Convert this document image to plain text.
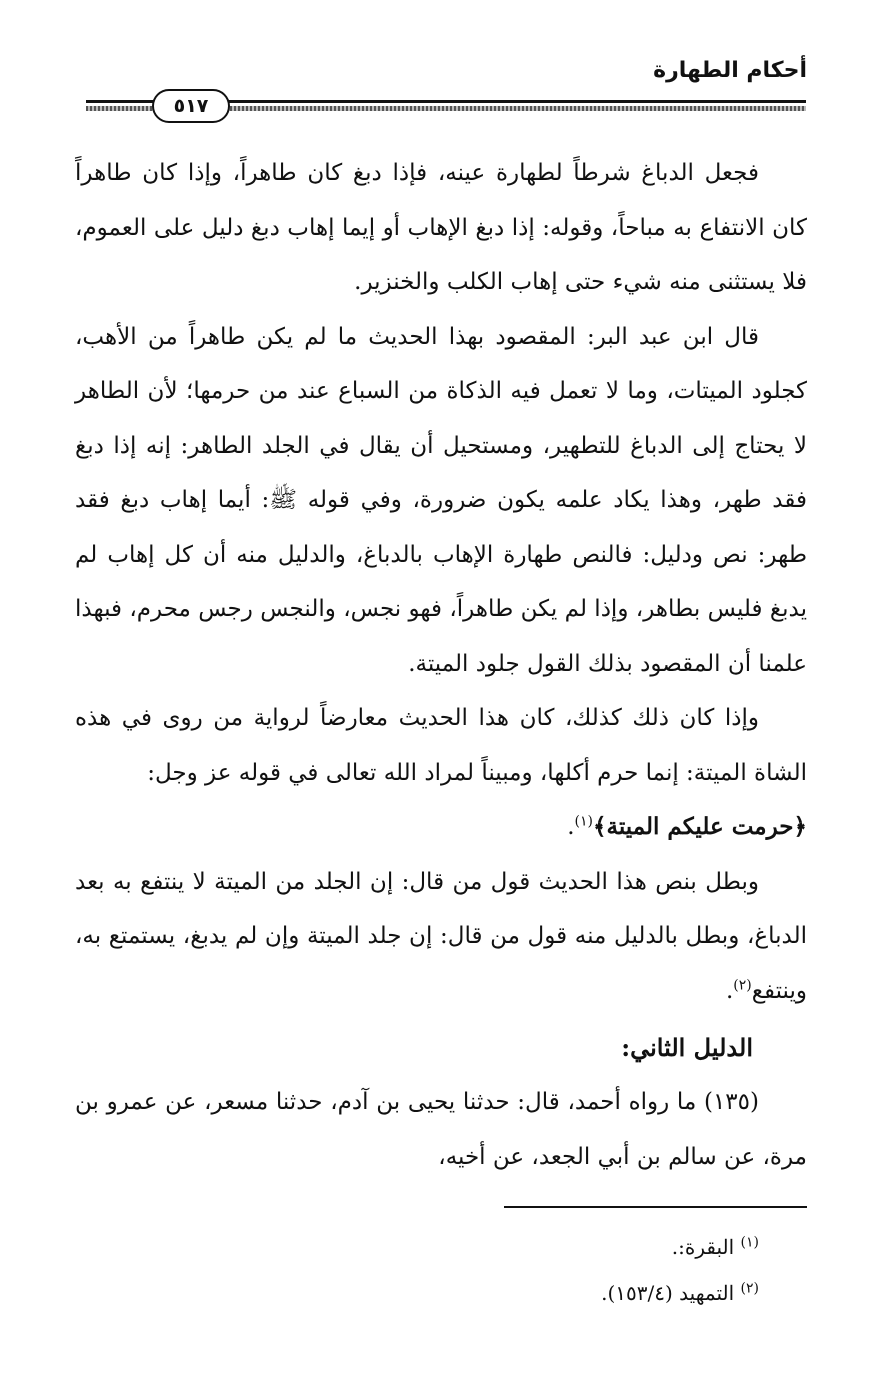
أحكام الطهارة
٥١٧

فجعل الدباغ شرطاً لطهارة عينه، فإذا دبغ كان طاهراً، وإذا كان طاهراً كان الانتفاع به مباحاً، وقوله: إذا دبغ الإهاب أو إيما إهاب دبغ دليل على العموم، فلا يستثنى منه شيء حتى إهاب الكلب والخنزير.

قال ابن عبد البر: المقصود بهذا الحديث ما لم يكن طاهراً من الأهب، كجلود الميتات، وما لا تعمل فيه الذكاة من السباع عند من حرمها؛ لأن الطاهر لا يحتاج إلى الدباغ للتطهير، ومستحيل أن يقال في الجلد الطاهر: إنه إذا دبغ فقد طهر، وهذا يكاد علمه يكون ضرورة، وفي قوله ﷺ: أيما إهاب دبغ فقد طهر: نص ودليل: فالنص طهارة الإهاب بالدباغ، والدليل منه أن كل إهاب لم يدبغ فليس بطاهر، وإذا لم يكن طاهراً، فهو نجس، والنجس رجس محرم، فبهذا علمنا أن المقصود بذلك القول جلود الميتة.

وإذا كان ذلك كذلك، كان هذا الحديث معارضاً لرواية من روى في هذه الشاة الميتة: إنما حرم أكلها، ومبيناً لمراد الله تعالى في قوله عز وجل:
﴿حرمت عليكم الميتة﴾$^{(١)}$.

وبطل بنص هذا الحديث قول من قال: إن الجلد من الميتة لا ينتفع به بعد الدباغ، وبطل بالدليل منه قول من قال: إن جلد الميتة وإن لم يدبغ، يستمتع به، وينتفع$^{(٢)}$.

الدليل الثاني:

(١٣٥) ما رواه أحمد، قال: حدثنا يحيى بن آدم، حدثنا مسعر، عن عمرو بن مرة، عن سالم بن أبي الجعد، عن أخيه،

$^{(١)}$ البقرة:.
$^{(٢)}$ التمهيد (١٥٣/٤).
